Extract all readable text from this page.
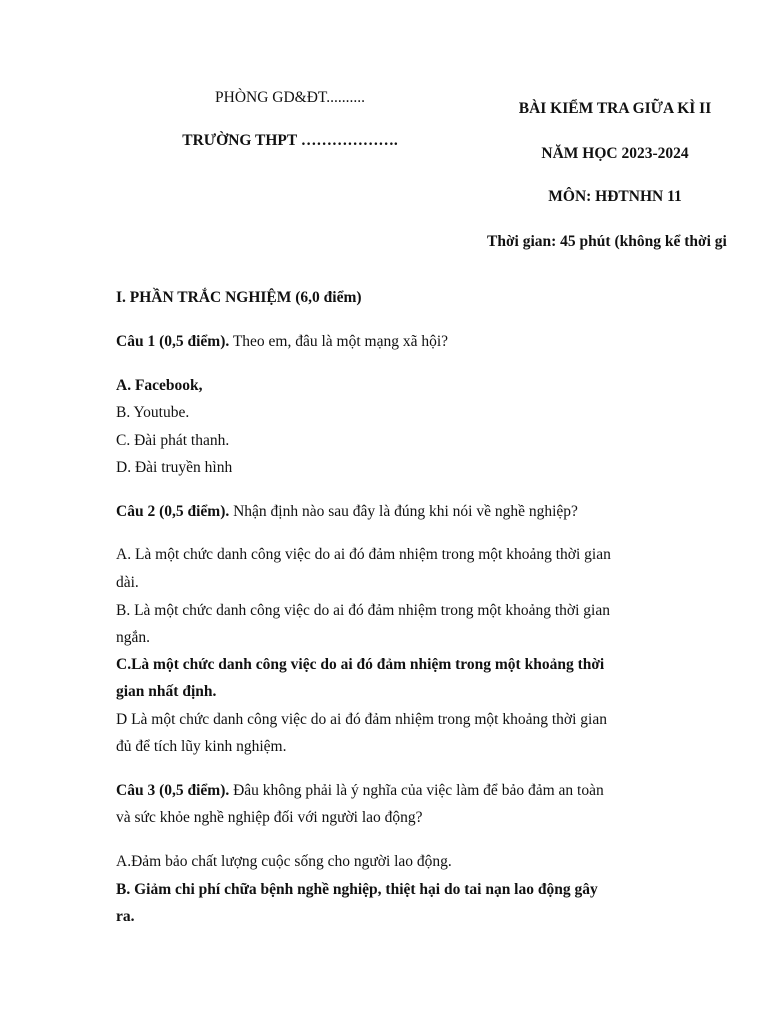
PHÒNG GD&ĐT..........
TRƯỜNG THPT ……………….
BÀI KIỂM TRA GIỮA KÌ II
NĂM HỌC 2023-2024
MÔN: HĐTNHN 11
Thời gian: 45 phút (không kể thời gi
I. PHẦN TRẮC NGHIỆM (6,0 điểm)
Câu 1 (0,5 điểm). Theo em, đâu là một mạng xã hội?
A. Facebook,
B. Youtube.
C. Đài phát thanh.
D. Đài truyền hình
Câu 2 (0,5 điểm). Nhận định nào sau đây là đúng khi nói về nghề nghiệp?
A. Là một chức danh công việc do ai đó đảm nhiệm trong một khoảng thời gian
dài.
B. Là một chức danh công việc do ai đó đảm nhiệm trong một khoảng thời gian
ngắn.
C.Là một chức danh công việc do ai đó đảm nhiệm trong một khoảng thời
gian nhất định.
D Là một chức danh công việc do ai đó đảm nhiệm trong một khoảng thời gian
đủ để tích lũy kinh nghiệm.
Câu 3 (0,5 điểm). Đâu không phải là ý nghĩa của việc làm để bảo đảm an toàn
và sức khỏe nghề nghiệp đối với người lao động?
A.Đảm bảo chất lượng cuộc sống cho người lao động.
B. Giảm chi phí chữa bệnh nghề nghiệp, thiệt hại do tai nạn lao động gây
ra.
